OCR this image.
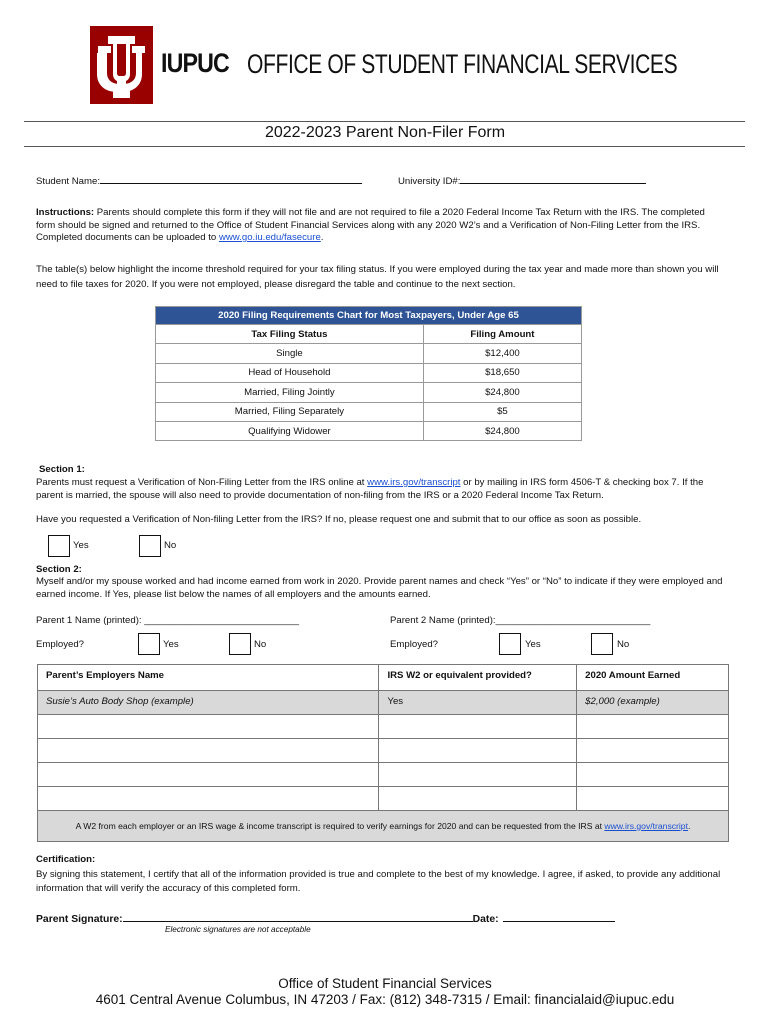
IUPUC OFFICE OF STUDENT FINANCIAL SERVICES
2022-2023 Parent Non-Filer Form
Student Name:	University ID#:
Instructions: Parents should complete this form if they will not file and are not required to file a 2020 Federal Income Tax Return with the IRS. The completed form should be signed and returned to the Office of Student Financial Services along with any 2020 W2’s and a Verification of Non-Filing Letter from the IRS. Completed documents can be uploaded to www.go.iu.edu/fasecure.
The table(s) below highlight the income threshold required for your tax filing status. If you were employed during the tax year and made more than shown you will need to file taxes for 2020. If you were not employed, please disregard the table and continue to the next section.
2020 Filing Requirements Chart for Most Taxpayers, Under Age 65	
Tax Filing Status	Filing Amount
Single	$12,400
Head of Household	$18,650
Married, Filing Jointly	$24,800
Married, Filing Separately	$5
Qualifying Widower	$24,800
Section 1:
Parents must request a Verification of Non-Filing Letter from the IRS online at www.irs.gov/transcript or by mailing in IRS form 4506-T & checking box 7. If the parent is married, the spouse will also need to provide documentation of non-filing from the IRS or a 2020 Federal Income Tax Return.
Have you requested a Verification of Non-filing Letter from the IRS? If no, please request one and submit that to our office as soon as possible.
Yes	No
Section 2:
Myself and/or my spouse worked and had income earned from work in 2020. Provide parent names and check “Yes” or “No” to indicate if they were employed and earned income. If Yes, please list below the names of all employers and the amounts earned.
Parent 1 Name (printed): _____________________________	Parent 2 Name (printed):_____________________________
Employed?	Yes	No	Employed?	Yes	No
Parent’s Employers Name	IRS W2 or equivalent provided?	2020 Amount Earned
Susie’s Auto Body Shop (example)	Yes	$2,000 (example)

A W2 from each employer or an IRS wage & income transcript is required to verify earnings for 2020 and can be requested from the IRS at www.irs.gov/transcript.		
Certification:
By signing this statement, I certify that all of the information provided is true and complete to the best of my knowledge. I agree, if asked, to provide any additional information that will verify the accuracy of this completed form.
Parent Signature:	Date:
Electronic signatures are not acceptable
Office of Student Financial Services
4601 Central Avenue Columbus, IN 47203 / Fax: (812) 348-7315 / Email: financialaid@iupuc.edu
